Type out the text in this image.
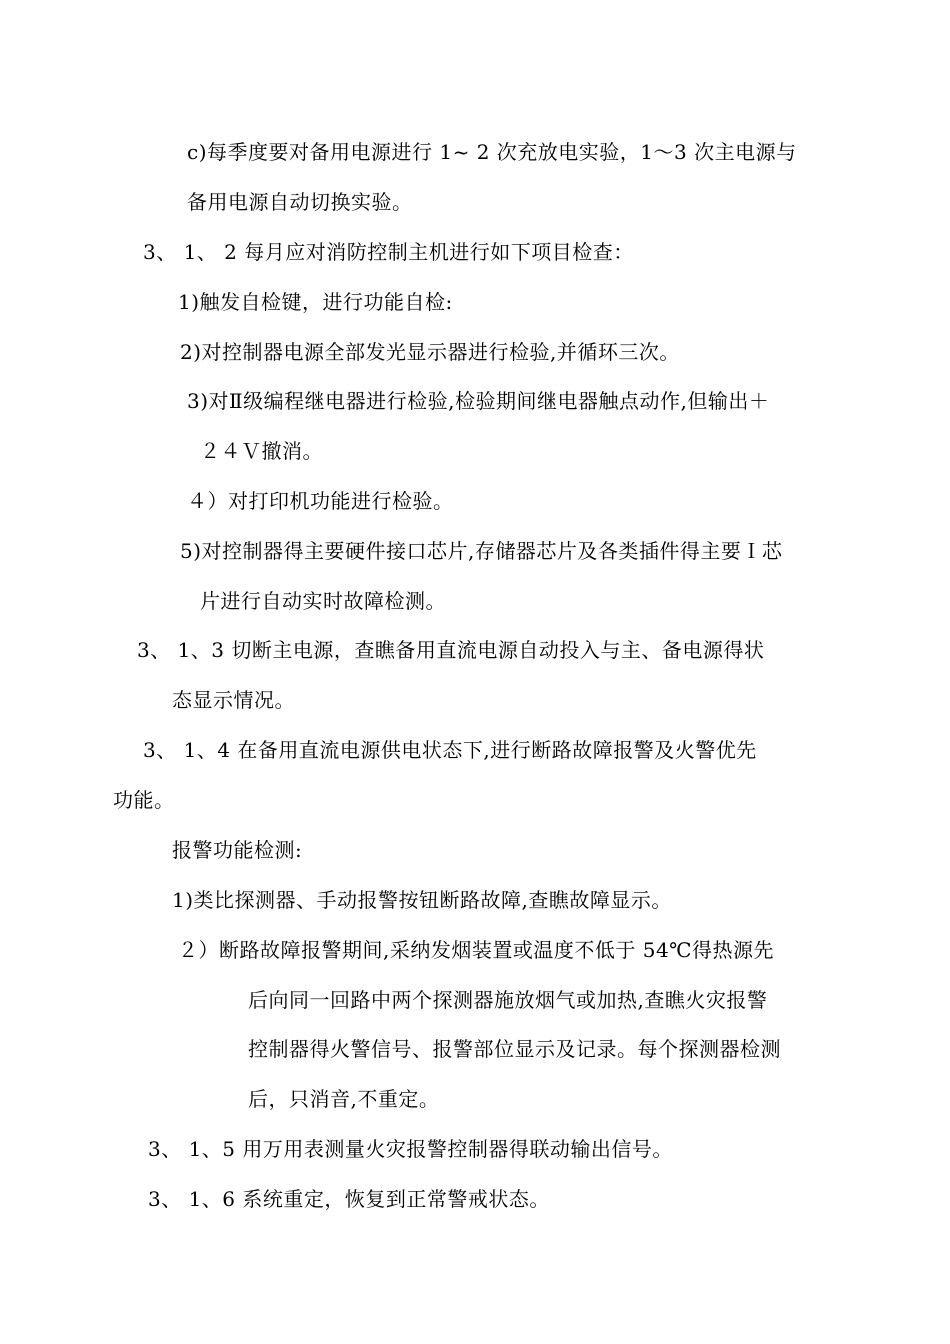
c)每季度要对备用电源进行 1~ 2 次充放电实验，1～3 次主电源与
备用电源自动切换实验。
3、 1、 2 每月应对消防控制主机进行如下项目检查：
1)触发自检键，进行功能自检:
2)对控制器电源全部发光显示器进行检验,并循环三次。
3)对Ⅱ级编程继电器进行检验,检验期间继电器触点动作,但输出＋
２４Ｖ撤消。
４）对打印机功能进行检验。
5)对控制器得主要硬件接口芯片,存储器芯片及各类插件得主要Ｉ芯
片进行自动实时故障检测。
3、 1、3 切断主电源，查瞧备用直流电源自动投入与主、备电源得状
态显示情况。
3、 1、4 在备用直流电源供电状态下,进行断路故障报警及火警优先
功能。
报警功能检测:
1)类比探测器、手动报警按钮断路故障,查瞧故障显示。
２）断路故障报警期间,采纳发烟装置或温度不低于 54℃得热源先
后向同一回路中两个探测器施放烟气或加热,查瞧火灾报警
控制器得火警信号、报警部位显示及记录。每个探测器检测
后，只消音,不重定。
3、 1、5 用万用表测量火灾报警控制器得联动输出信号。
3、 1、6 系统重定，恢复到正常警戒状态。
